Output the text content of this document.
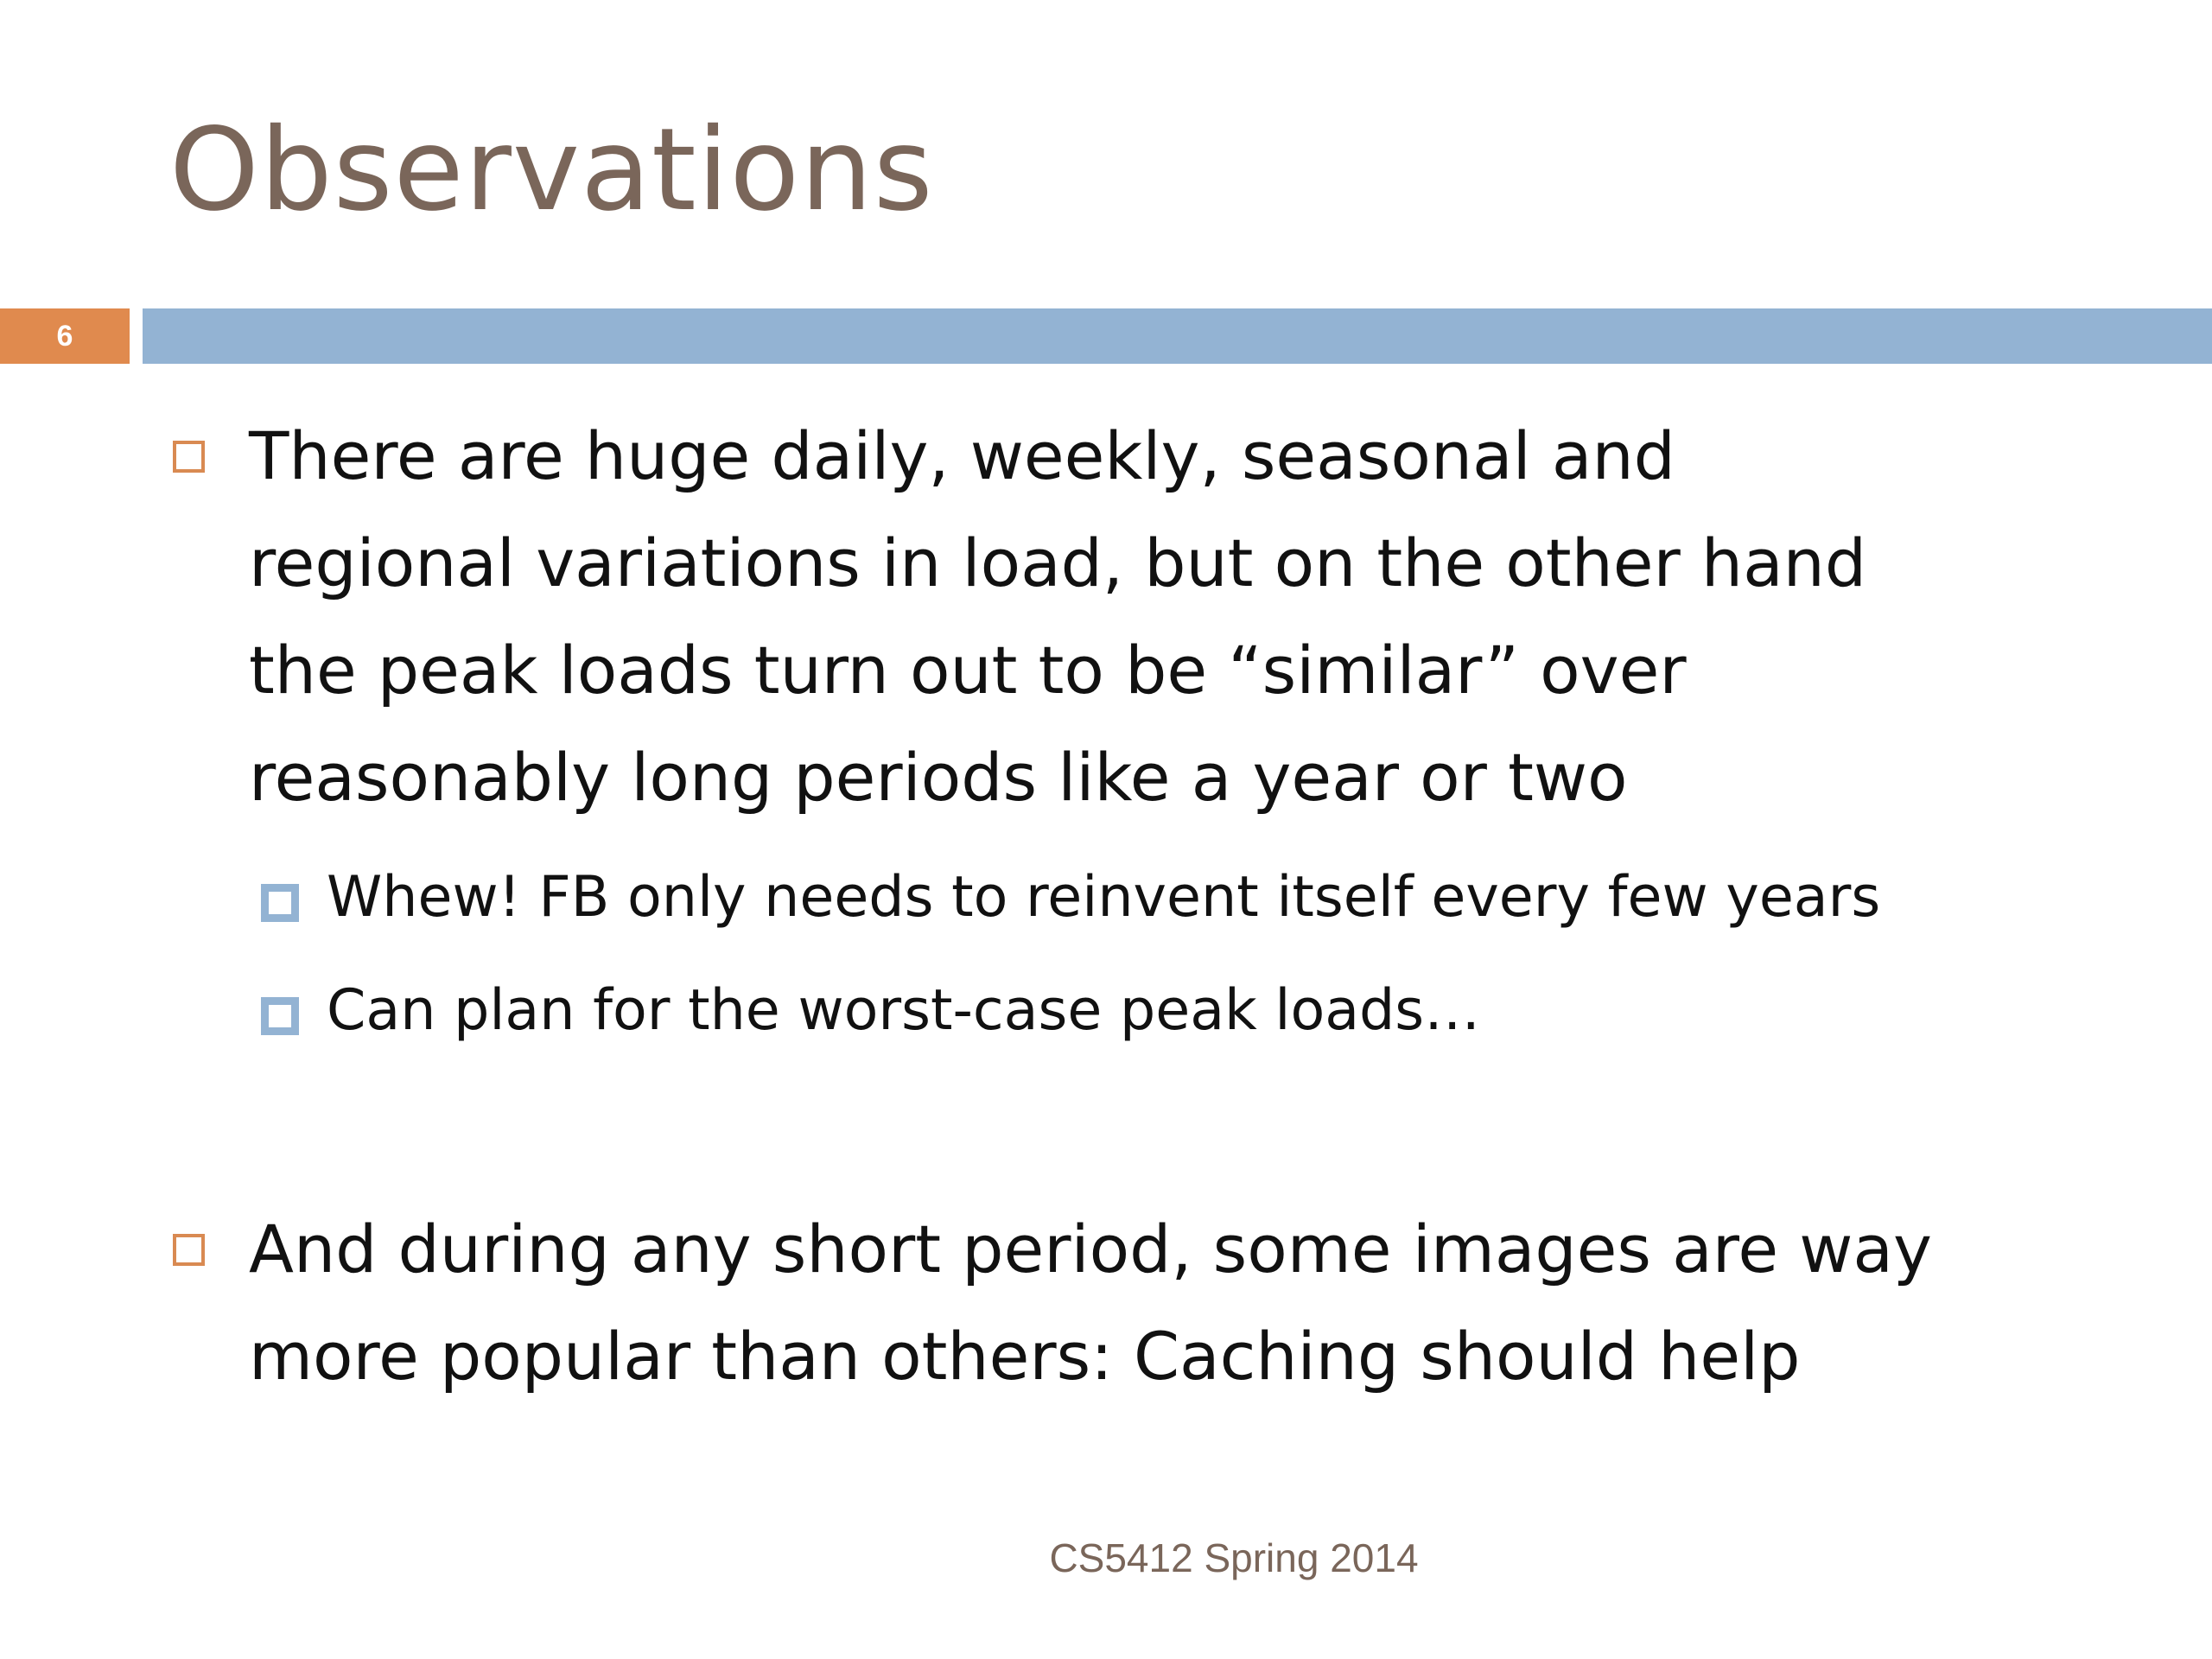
Observations
6
There are huge daily, weekly, seasonal and
regional variations in load, but on the other hand
the peak loads turn out to be “similar” over
reasonably long periods like a year or two
Whew! FB only needs to reinvent itself every few years
Can plan for the worst-case peak loads…
And during any short period, some images are way
more popular than others: Caching should help
CS5412 Spring 2014
